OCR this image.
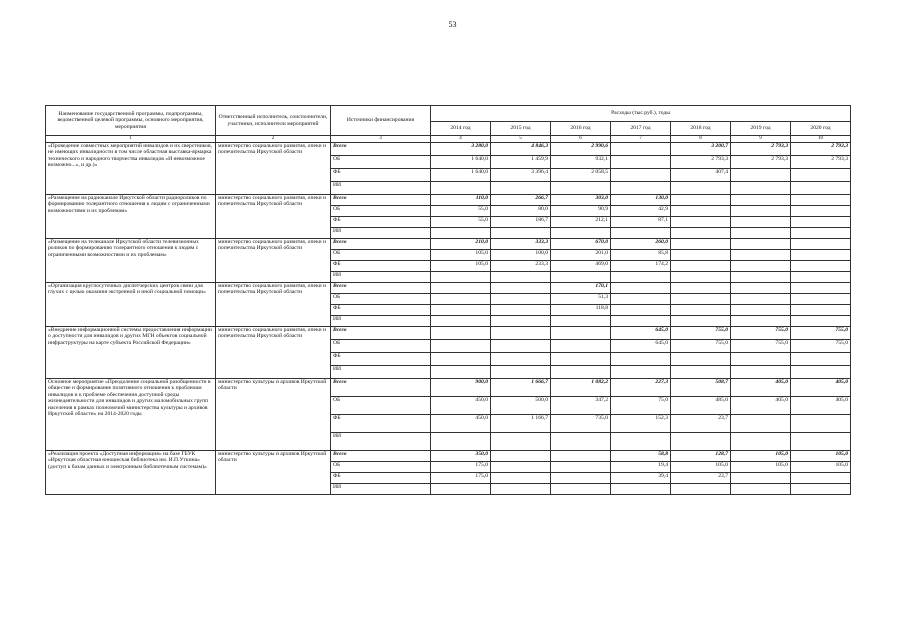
53
Наименование государственной программы, подпрограммы, ведомственной целевой программы, основного мероприятия, мероприятия	Ответственный исполнитель, соисполнители, участники, исполнители мероприятий	Источники финансирования	Расходы (тыс.руб.), годы						
			2014 год	2015 год	2016 год	2017 год	2018 год	2019 год	2020 год
1	2	3	4	5	6	7	8	9	10
«Проведение совместных мероприятий инвалидов и их сверстников, не имеющих инвалидности в том числе областная выставка-ярмарка технического и народного творчества инвалидов «И невозможное возможно...», и др.)»	министерство социального развития, опеки и попечительства Иркутской области	Всего	3 280,0	4 846,3	2 990,6		3 200,7	2 793,3	2 793,3
		ОБ	1 640,0	1 459,9	932,1		2 793,3	2 793,3	2 793,3
		ФБ	1 640,0	3 396,4	2 058,5		407,4		
		ИИ							
«Размещение на радиоканале Иркутской области радиороликов по формированию толерантного отношения к людям с ограниченными возможностями и их проблемам»	министерство социального развития, опеки и попечительства Иркутской области	Всего	110,0	266,7	303,0	130,0			
		ОБ	55,0	80,0	90,9	42,9			
		ФБ	55,0	186,7	212,1	87,1			
		ИИ							
«Размещение на телеканале Иркутской области телевизионных роликов по формированию толерантного отношения к людям с ограниченными возможностями и их проблемам»	министерство социального развития, опеки и попечительства Иркутской области	Всего	210,0	333,3	670,0	260,0			
		ОБ	105,0	100,0	201,0	85,8			
		ФБ	105,0	233,3	469,0	174,2			
		ИИ							
«Организация круглосуточных диспетчерских центров связи для глухих с целью оказания экстренной и иной социальной помощи»	министерство социального развития, опеки и попечительства Иркутской области	Всего			170,1				
		ОБ			51,3				
		ФБ			118,8				
		ИИ							
«Внедрение информационной системы предоставления информации о доступности для инвалидов и других МГН объектов социальной инфраструктуры на карте субъекта Российской Федерации»	министерство социального развития, опеки и попечительства Иркутской области	Всего				645,0	755,0	755,0	755,0
		ОБ				645,0	755,0	755,0	755,0
		ФБ							
		ИИ							
Основное мероприятие «Преодоление социальной разобщенности в обществе и формирование позитивного отношения к проблемам инвалидов и к проблеме обеспечения доступной среды жизнедеятельности для инвалидов и других маломобильных групп населения в рамках полномочий министерства культуры и архивов Иркутской области» на 2014-2020 годы	министерство культуры и архивов Иркутской области	Всего	900,0	1 666,7	1 082,2	227,3	508,7	405,0	405,0
		ОБ	450,0	500,0	347,2	75,0	485,0	405,0	405,0
		ФБ	450,0	1 166,7	735,0	152,3	23,7		
		ИИ							
«Реализация проекта «Доступная информация» на базе ГБУК «Иркутская областная юношеская библиотека им. И.П.Уткина» (доступ к базам данных и электронным библиотечным системам)»	министерство культуры и архивов Иркутской области	Всего	350,0			58,8	128,7	105,0	105,0
		ОБ	175,0			19,4	105,0	105,0	105,0
		ФБ	175,0			39,4	23,7		
		ИИ							
